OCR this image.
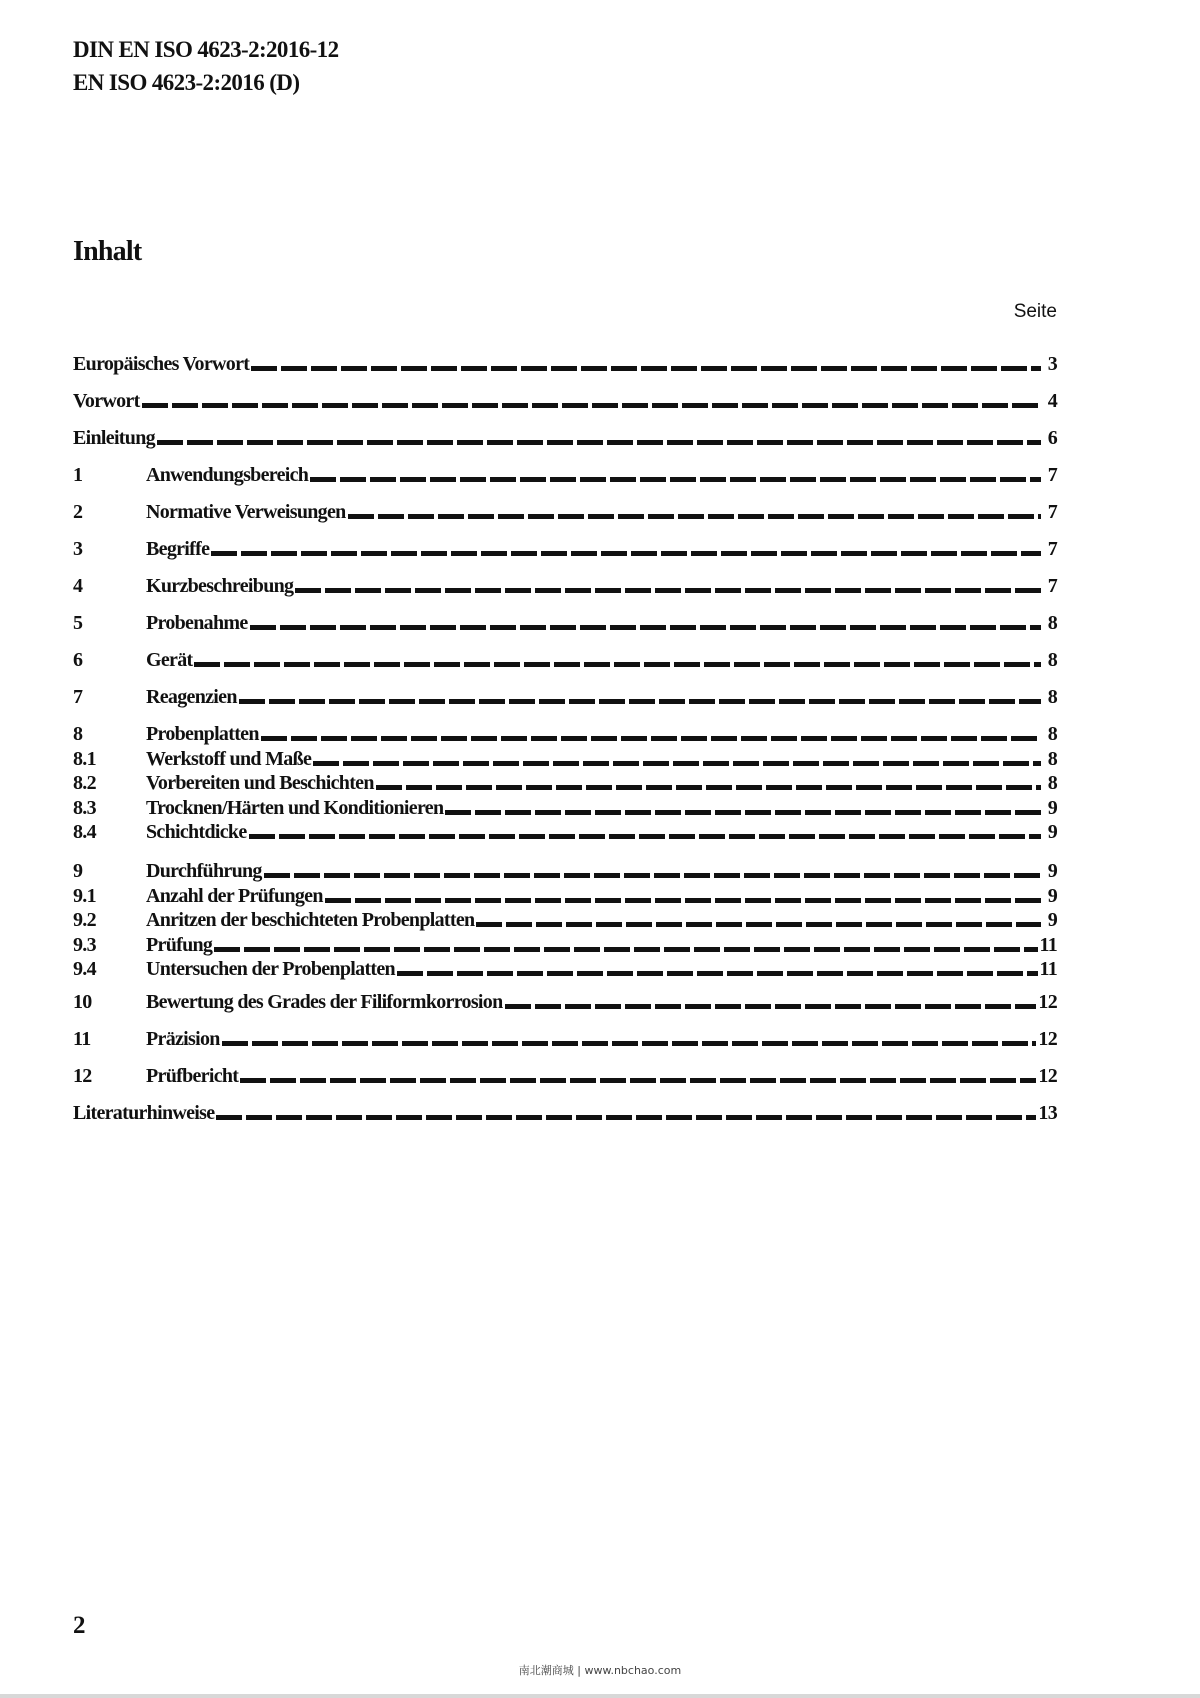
DIN EN ISO 4623-2:2016-12
EN ISO 4623-2:2016 (D)
Inhalt
Seite
Europäisches Vorwort	3
Vorwort	4
Einleitung	6
1	Anwendungsbereich	7
2	Normative Verweisungen	7
3	Begriffe	7
4	Kurzbeschreibung	7
5	Probenahme	8
6	Gerät	8
7	Reagenzien	8
8	Probenplatten	8
8.1	Werkstoff und Maße	8
8.2	Vorbereiten und Beschichten	8
8.3	Trocknen/Härten und Konditionieren	9
8.4	Schichtdicke	9
9	Durchführung	9
9.1	Anzahl der Prüfungen	9
9.2	Anritzen der beschichteten Probenplatten	9
9.3	Prüfung	11
9.4	Untersuchen der Probenplatten	11
10	Bewertung des Grades der Filiformkorrosion	12
11	Präzision	12
12	Prüfbericht	12
Literaturhinweise	13
2
南北潮商城 | www.nbchao.com
